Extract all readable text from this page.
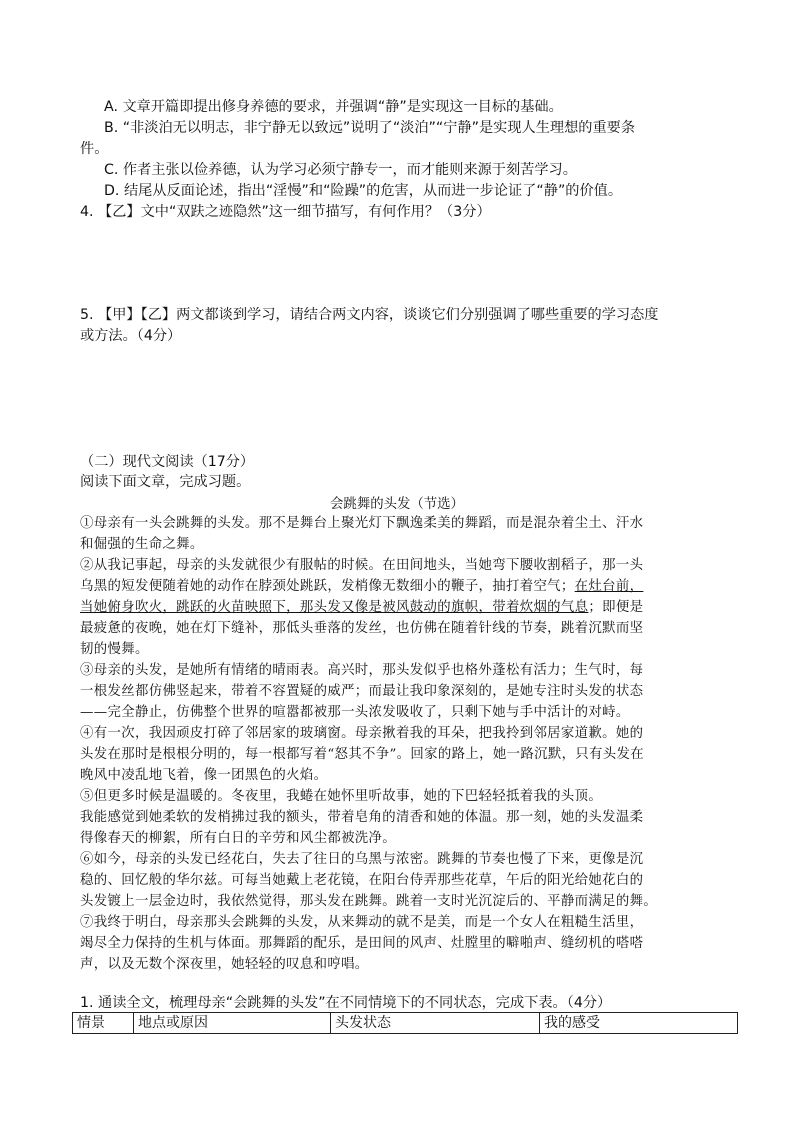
A. 文章开篇即提出修身养德的要求，并强调“静”是实现这一目标的基础。
B. “非淡泊无以明志，非宁静无以致远”说明了“淡泊”“宁静”是实现人生理想的重要条
件。
C. 作者主张以俭养德，认为学习必须宁静专一，而才能则来源于刻苦学习。
D. 结尾从反面论述，指出“淫慢”和“险躁”的危害，从而进一步论证了“静”的价值。
4. 【乙】文中“双趺之迹隐然”这一细节描写，有何作用？（3分）
5. 【甲】【乙】两文都谈到学习，请结合两文内容，谈谈它们分别强调了哪些重要的学习态度
或方法。（4分）
（二）现代文阅读（17分）
阅读下面文章，完成习题。
会跳舞的头发（节选）
①母亲有一头会跳舞的头发。那不是舞台上聚光灯下飘逸柔美的舞蹈，而是混杂着尘土、汗水
和倔强的生命之舞。
②从我记事起，母亲的头发就很少有服帖的时候。在田间地头，当她弯下腰收割稻子，那一头
乌黑的短发便随着她的动作在脖颈处跳跃，发梢像无数细小的鞭子，抽打着空气；在灶台前，
当她俯身吹火，跳跃的火苗映照下，那头发又像是被风鼓动的旗帜，带着炊烟的气息；即便是
最疲惫的夜晚，她在灯下缝补，那低头垂落的发丝，也仿佛在随着针线的节奏，跳着沉默而坚
韧的慢舞。
③母亲的头发，是她所有情绪的晴雨表。高兴时，那头发似乎也格外蓬松有活力；生气时，每
一根发丝都仿佛竖起来，带着不容置疑的威严；而最让我印象深刻的，是她专注时头发的状态
——完全静止，仿佛整个世界的喧嚣都被那一头浓发吸收了，只剩下她与手中活计的对峙。
④有一次，我因顽皮打碎了邻居家的玻璃窗。母亲揪着我的耳朵，把我拎到邻居家道歉。她的
头发在那时是根根分明的，每一根都写着“怒其不争”。回家的路上，她一路沉默，只有头发在
晚风中凌乱地飞着，像一团黑色的火焰。
⑤但更多时候是温暖的。冬夜里，我蜷在她怀里听故事，她的下巴轻轻抵着我的头顶。
我能感觉到她柔软的发梢拂过我的额头，带着皂角的清香和她的体温。那一刻，她的头发温柔
得像春天的柳絮，所有白日的辛劳和风尘都被洗净。
⑥如今，母亲的头发已经花白，失去了往日的乌黑与浓密。跳舞的节奏也慢了下来，更像是沉
稳的、回忆般的华尔兹。可每当她戴上老花镜，在阳台侍弄那些花草，午后的阳光给她花白的
头发镀上一层金边时，我依然觉得，那头发在跳舞。跳着一支时光沉淀后的、平静而满足的舞。
⑦我终于明白，母亲那头会跳舞的头发，从来舞动的就不是美，而是一个女人在粗糙生活里，
竭尽全力保持的生机与体面。那舞蹈的配乐，是田间的风声、灶膛里的噼啪声、缝纫机的嗒嗒
声，以及无数个深夜里，她轻轻的叹息和哼唱。
1. 通读全文，梳理母亲“会跳舞的头发”在不同情境下的不同状态，完成下表。（4分）
情景	地点或原因	头发状态	我的感受
